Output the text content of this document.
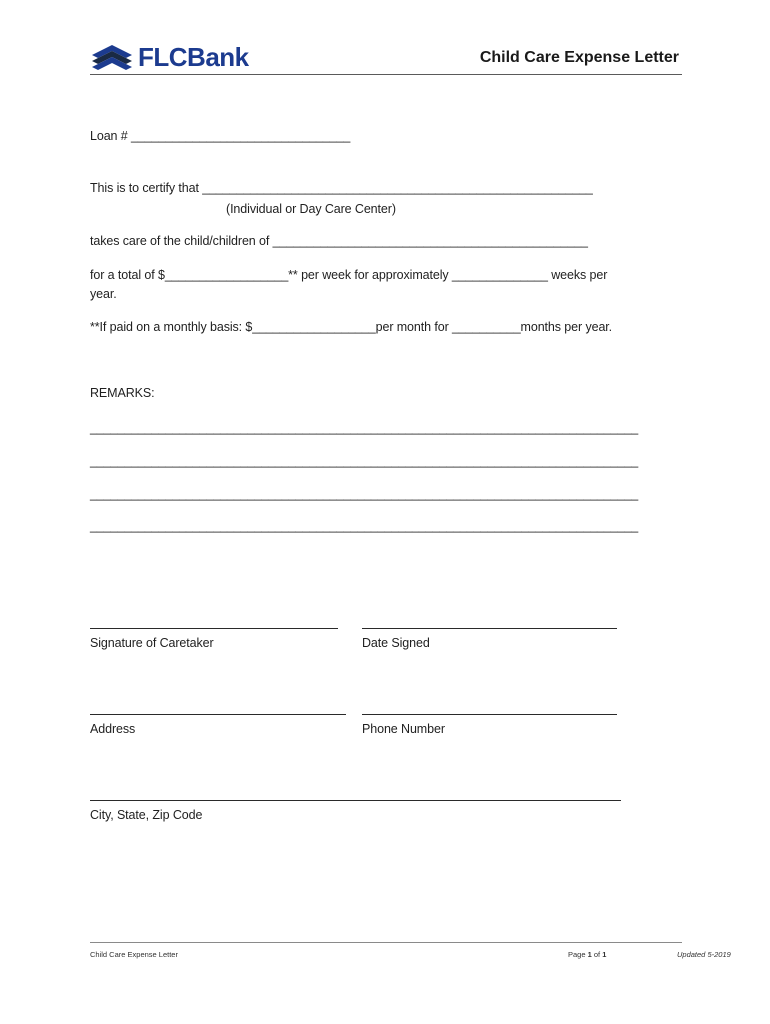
FLCBank	Child Care Expense Letter
Loan # ________________________________
This is to certify that _________________________________________________________
(Individual or Day Care Center)
takes care of the child/children of ______________________________________________
for a total of $__________________** per week for approximately ______________ weeks per
year.
**If paid on a monthly basis: $__________________per month for __________months per year.
REMARKS:
________________________________________________________________________________
________________________________________________________________________________
________________________________________________________________________________
________________________________________________________________________________
Signature of Caretaker	Date Signed
Address	Phone Number
City, State, Zip Code
Child Care Expense Letter	Page 1 of 1	Updated 5-2019
